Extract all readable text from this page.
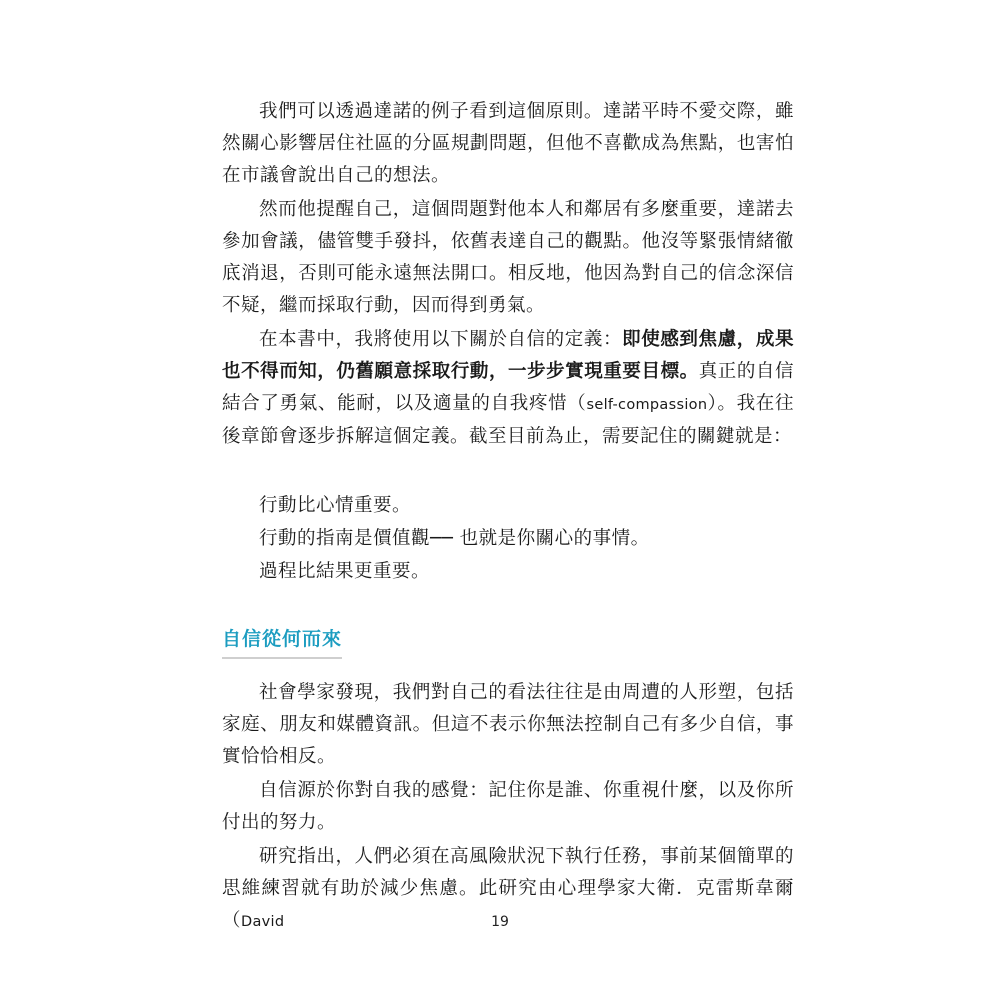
我們可以透過達諾的例子看到這個原則。達諾平時不愛交際，雖然關心影響居住社區的分區規劃問題，但他不喜歡成為焦點，也害怕在市議會說出自己的想法。

然而他提醒自己，這個問題對他本人和鄰居有多麼重要，達諾去參加會議，儘管雙手發抖，依舊表達自己的觀點。他沒等緊張情緒徹底消退，否則可能永遠無法開口。相反地，他因為對自己的信念深信不疑，繼而採取行動，因而得到勇氣。

在本書中，我將使用以下關於自信的定義：即使感到焦慮，成果也不得而知，仍舊願意採取行動，一步步實現重要目標。真正的自信結合了勇氣、能耐，以及適量的自我疼惜（self-compassion）。我在往後章節會逐步拆解這個定義。截至目前為止，需要記住的關鍵就是：

行動比心情重要。
行動的指南是價值觀── 也就是你關心的事情。
過程比結果更重要。
自信從何而來

社會學家發現，我們對自己的看法往往是由周遭的人形塑，包括家庭、朋友和媒體資訊。但這不表示你無法控制自己有多少自信，事實恰恰相反。

自信源於你對自我的感覺：記住你是誰、你重視什麼，以及你所付出的努力。

研究指出，人們必須在高風險狀況下執行任務，事前某個簡單的思維練習就有助於減少焦慮。此研究由心理學家大衛．克雷斯韋爾（David	19
